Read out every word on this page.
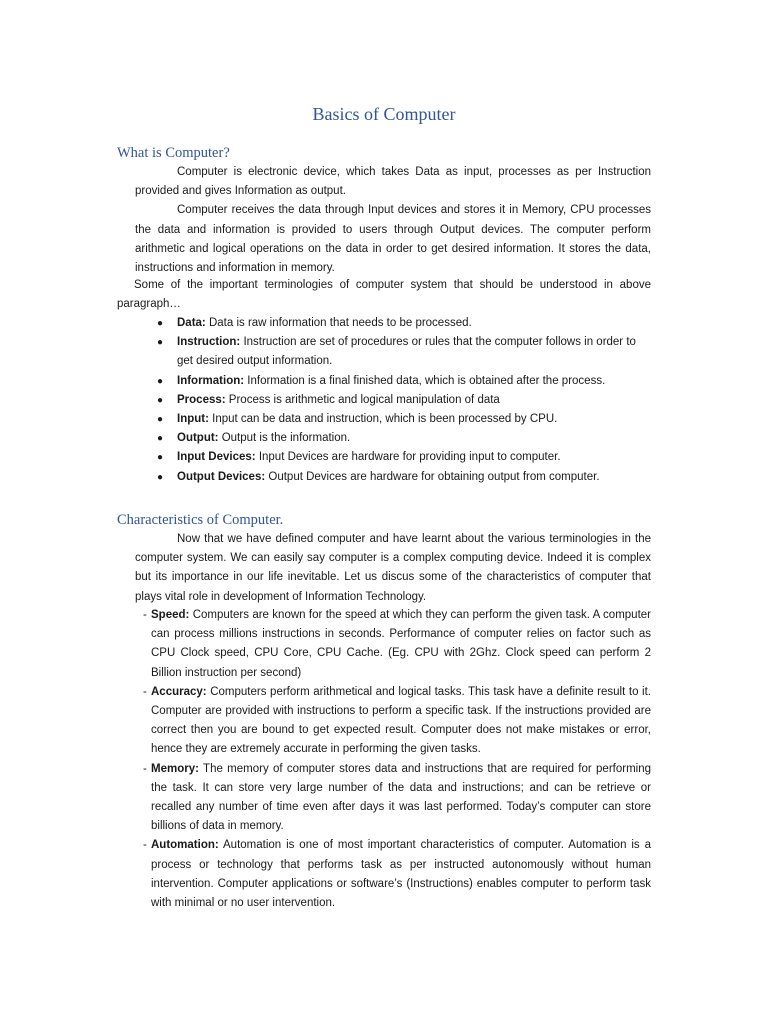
Basics of Computer
What is Computer?

Computer is electronic device, which takes Data as input, processes as per Instruction provided and gives Information as output.

Computer receives the data through Input devices and stores it in Memory, CPU processes the data and information is provided to users through Output devices. The computer perform arithmetic and logical operations on the data in order to get desired information. It stores the data, instructions and information in memory.

Some of the important terminologies of computer system that should be understood in above paragraph…

● Data: Data is raw information that needs to be processed.
● Instruction: Instruction are set of procedures or rules that the computer follows in order to get desired output information.
● Information: Information is a final finished data, which is obtained after the process.
● Process: Process is arithmetic and logical manipulation of data
● Input: Input can be data and instruction, which is been processed by CPU.
● Output: Output is the information.
● Input Devices: Input Devices are hardware for providing input to computer.
● Output Devices: Output Devices are hardware for obtaining output from computer.
Characteristics of Computer.

Now that we have defined computer and have learnt about the various terminologies in the computer system. We can easily say computer is a complex computing device. Indeed it is complex but its importance in our life inevitable. Let us discus some of the characteristics of computer that plays vital role in development of Information Technology.

- Speed: Computers are known for the speed at which they can perform the given task. A computer can process millions instructions in seconds. Performance of computer relies on factor such as CPU Clock speed, CPU Core, CPU Cache. (Eg. CPU with 2Ghz. Clock speed can perform 2 Billion instruction per second)
- Accuracy: Computers perform arithmetical and logical tasks. This task have a definite result to it. Computer are provided with instructions to perform a specific task. If the instructions provided are correct then you are bound to get expected result. Computer does not make mistakes or error, hence they are extremely accurate in performing the given tasks.
- Memory: The memory of computer stores data and instructions that are required for performing the task. It can store very large number of the data and instructions; and can be retrieve or recalled any number of time even after days it was last performed. Today’s computer can store billions of data in memory.
- Automation: Automation is one of most important characteristics of computer. Automation is a process or technology that performs task as per instructed autonomously without human intervention. Computer applications or software’s (Instructions) enables computer to perform task with minimal or no user intervention.
